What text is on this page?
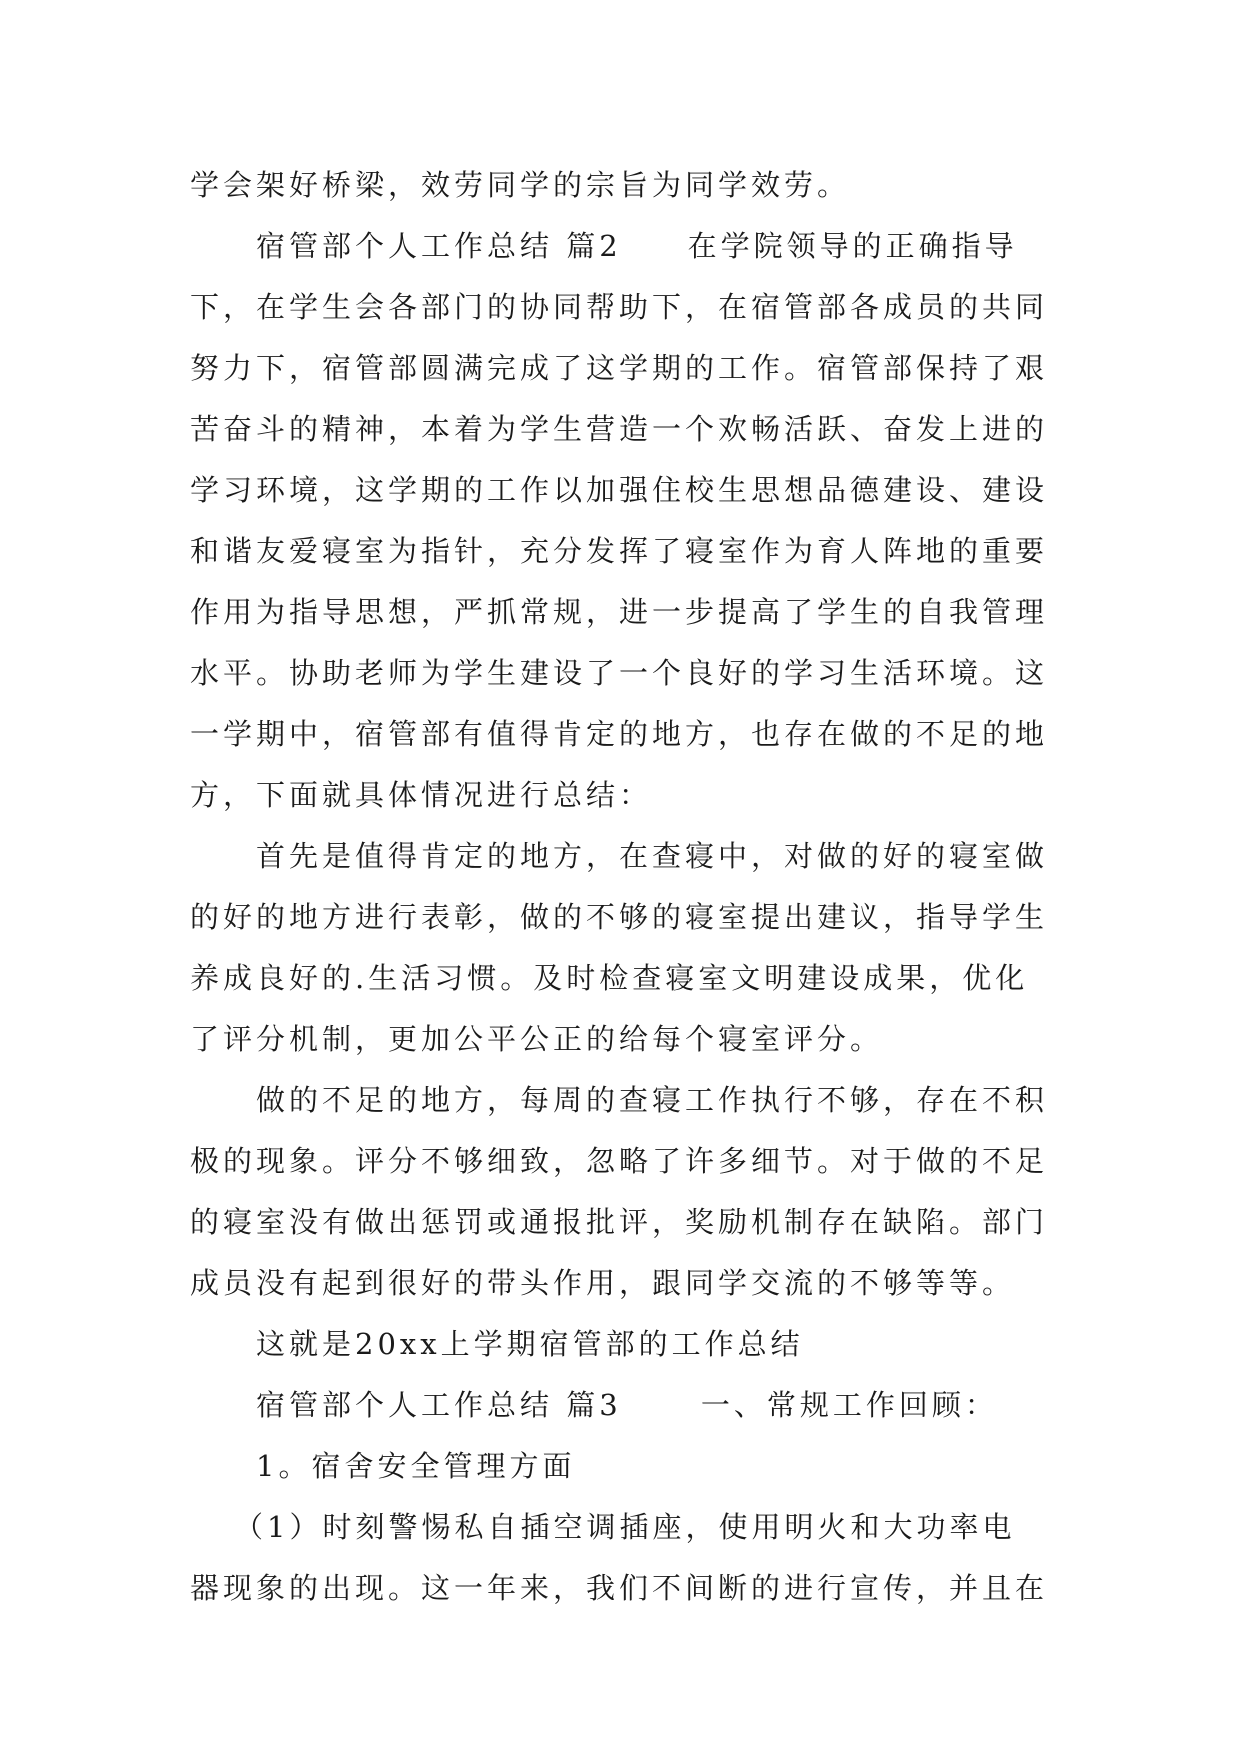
学会架好桥梁，效劳同学的宗旨为同学效劳。
宿管部个人工作总结 篇2　　在学院领导的正确指导
下，在学生会各部门的协同帮助下，在宿管部各成员的共同
努力下，宿管部圆满完成了这学期的工作。宿管部保持了艰
苦奋斗的精神，本着为学生营造一个欢畅活跃、奋发上进的
学习环境，这学期的工作以加强住校生思想品德建设、建设
和谐友爱寝室为指针，充分发挥了寝室作为育人阵地的重要
作用为指导思想，严抓常规，进一步提高了学生的自我管理
水平。协助老师为学生建设了一个良好的学习生活环境。这
一学期中，宿管部有值得肯定的地方，也存在做的不足的地
方，下面就具体情况进行总结：
首先是值得肯定的地方，在查寝中，对做的好的寝室做
的好的地方进行表彰，做的不够的寝室提出建议，指导学生
养成良好的.生活习惯。及时检查寝室文明建设成果，优化
了评分机制，更加公平公正的给每个寝室评分。
做的不足的地方，每周的查寝工作执行不够，存在不积
极的现象。评分不够细致，忽略了许多细节。对于做的不足
的寝室没有做出惩罚或通报批评，奖励机制存在缺陷。部门
成员没有起到很好的带头作用，跟同学交流的不够等等。
这就是20xx上学期宿管部的工作总结
宿管部个人工作总结 篇3　　 一、常规工作回顾：
1。宿舍安全管理方面
（1）时刻警惕私自插空调插座，使用明火和大功率电
器现象的出现。这一年来，我们不间断的进行宣传，并且在
